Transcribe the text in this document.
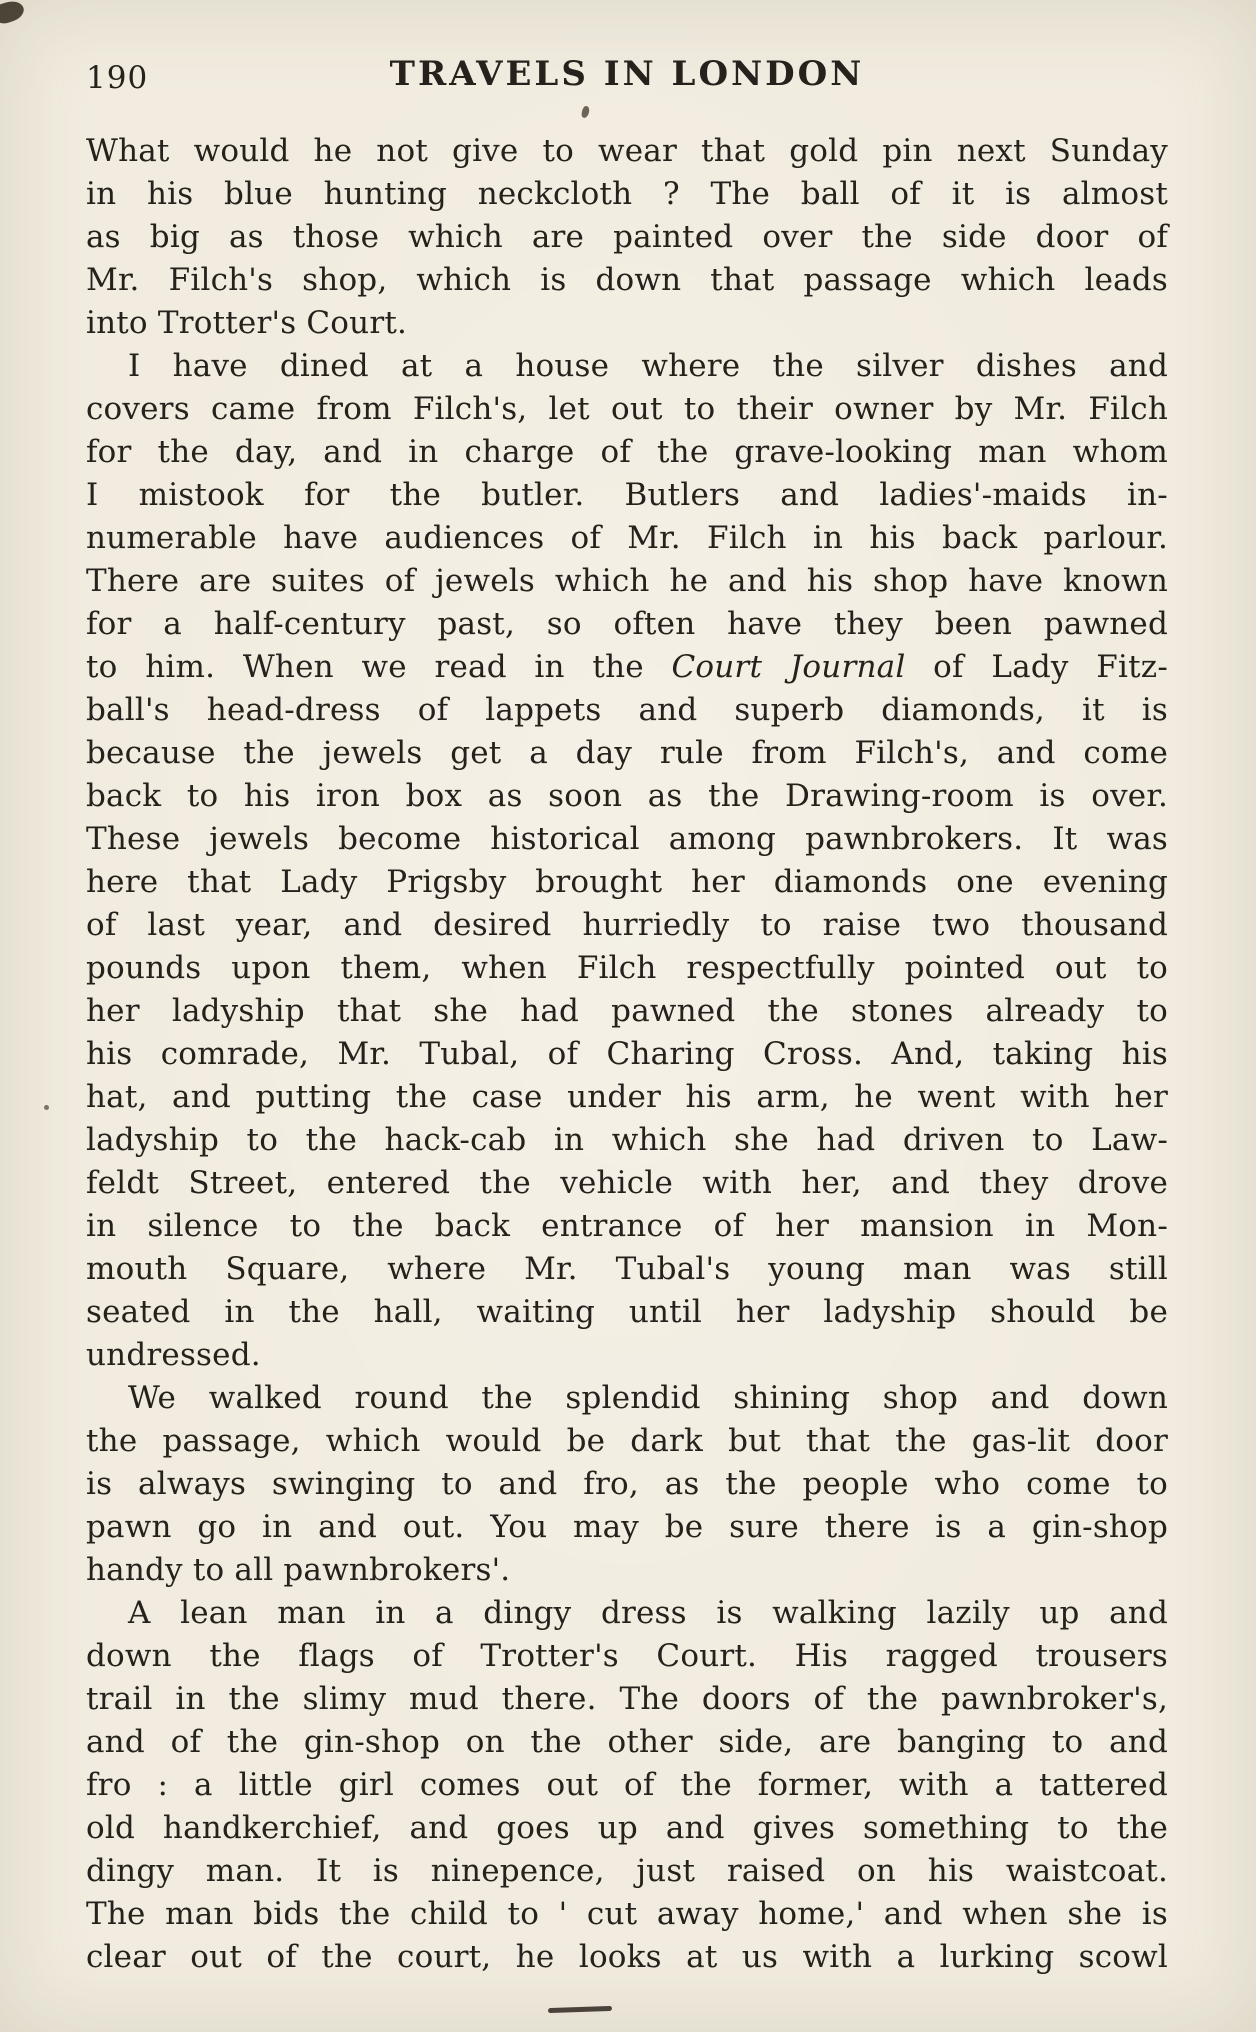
190	TRAVELS IN LONDON
What would he not give to wear that gold pin next Sunday
in his blue hunting neckcloth ? The ball of it is almost
as big as those which are painted over the side door of
Mr. Filch's shop, which is down that passage which leads
into Trotter's Court.
I have dined at a house where the silver dishes and
covers came from Filch's, let out to their owner by Mr. Filch
for the day, and in charge of the grave-looking man whom
I mistook for the butler. Butlers and ladies'-maids in-
numerable have audiences of Mr. Filch in his back parlour.
There are suites of jewels which he and his shop have known
for a half-century past, so often have they been pawned
to him. When we read in the Court Journal of Lady Fitz-
ball's head-dress of lappets and superb diamonds, it is
because the jewels get a day rule from Filch's, and come
back to his iron box as soon as the Drawing-room is over.
These jewels become historical among pawnbrokers. It was
here that Lady Prigsby brought her diamonds one evening
of last year, and desired hurriedly to raise two thousand
pounds upon them, when Filch respectfully pointed out to
her ladyship that she had pawned the stones already to
his comrade, Mr. Tubal, of Charing Cross. And, taking his
hat, and putting the case under his arm, he went with her
ladyship to the hack-cab in which she had driven to Law-
feldt Street, entered the vehicle with her, and they drove
in silence to the back entrance of her mansion in Mon-
mouth Square, where Mr. Tubal's young man was still
seated in the hall, waiting until her ladyship should be
undressed.
We walked round the splendid shining shop and down
the passage, which would be dark but that the gas-lit door
is always swinging to and fro, as the people who come to
pawn go in and out. You may be sure there is a gin-shop
handy to all pawnbrokers'.
A lean man in a dingy dress is walking lazily up and
down the flags of Trotter's Court. His ragged trousers
trail in the slimy mud there. The doors of the pawnbroker's,
and of the gin-shop on the other side, are banging to and
fro : a little girl comes out of the former, with a tattered
old handkerchief, and goes up and gives something to the
dingy man. It is ninepence, just raised on his waistcoat.
The man bids the child to ' cut away home,' and when she is
clear out of the court, he looks at us with a lurking scowl
